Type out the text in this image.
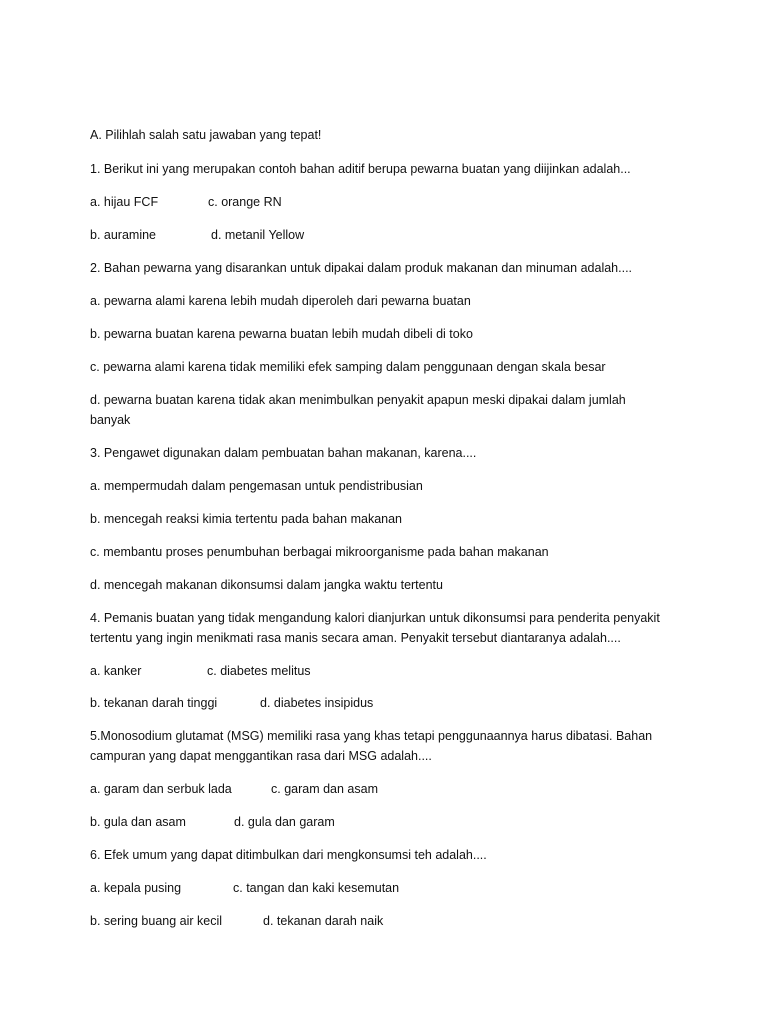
A. Pilihlah salah satu jawaban yang tepat!
1. Berikut ini yang merupakan contoh bahan aditif berupa pewarna buatan yang diijinkan adalah...
a. hijau FCF	c. orange RN
b. auramine	d. metanil Yellow
2. Bahan pewarna yang disarankan untuk dipakai dalam produk makanan dan minuman adalah....
a. pewarna alami karena lebih mudah diperoleh dari pewarna buatan
b. pewarna buatan karena pewarna buatan lebih mudah dibeli di toko
c. pewarna alami karena tidak memiliki efek samping dalam penggunaan dengan skala besar
d. pewarna buatan karena tidak akan menimbulkan penyakit apapun meski dipakai dalam jumlah
banyak
3. Pengawet digunakan dalam pembuatan bahan makanan, karena....
a. mempermudah dalam pengemasan untuk pendistribusian
b. mencegah reaksi kimia tertentu pada bahan makanan
c. membantu proses penumbuhan berbagai mikroorganisme pada bahan makanan
d. mencegah makanan dikonsumsi dalam jangka waktu tertentu
4. Pemanis buatan yang tidak mengandung kalori dianjurkan untuk dikonsumsi para penderita penyakit
tertentu yang ingin menikmati rasa manis secara aman. Penyakit tersebut diantaranya adalah....
a. kanker	c. diabetes melitus
b. tekanan darah tinggi	d. diabetes insipidus
5.Monosodium glutamat (MSG) memiliki rasa yang khas tetapi penggunaannya harus dibatasi. Bahan
campuran yang dapat menggantikan rasa dari MSG adalah....
a. garam dan serbuk lada	c. garam dan asam
b. gula dan asam	d. gula dan garam
6. Efek umum yang dapat ditimbulkan dari mengkonsumsi teh adalah....
a. kepala pusing	c. tangan dan kaki kesemutan
b. sering buang air kecil	d. tekanan darah naik
